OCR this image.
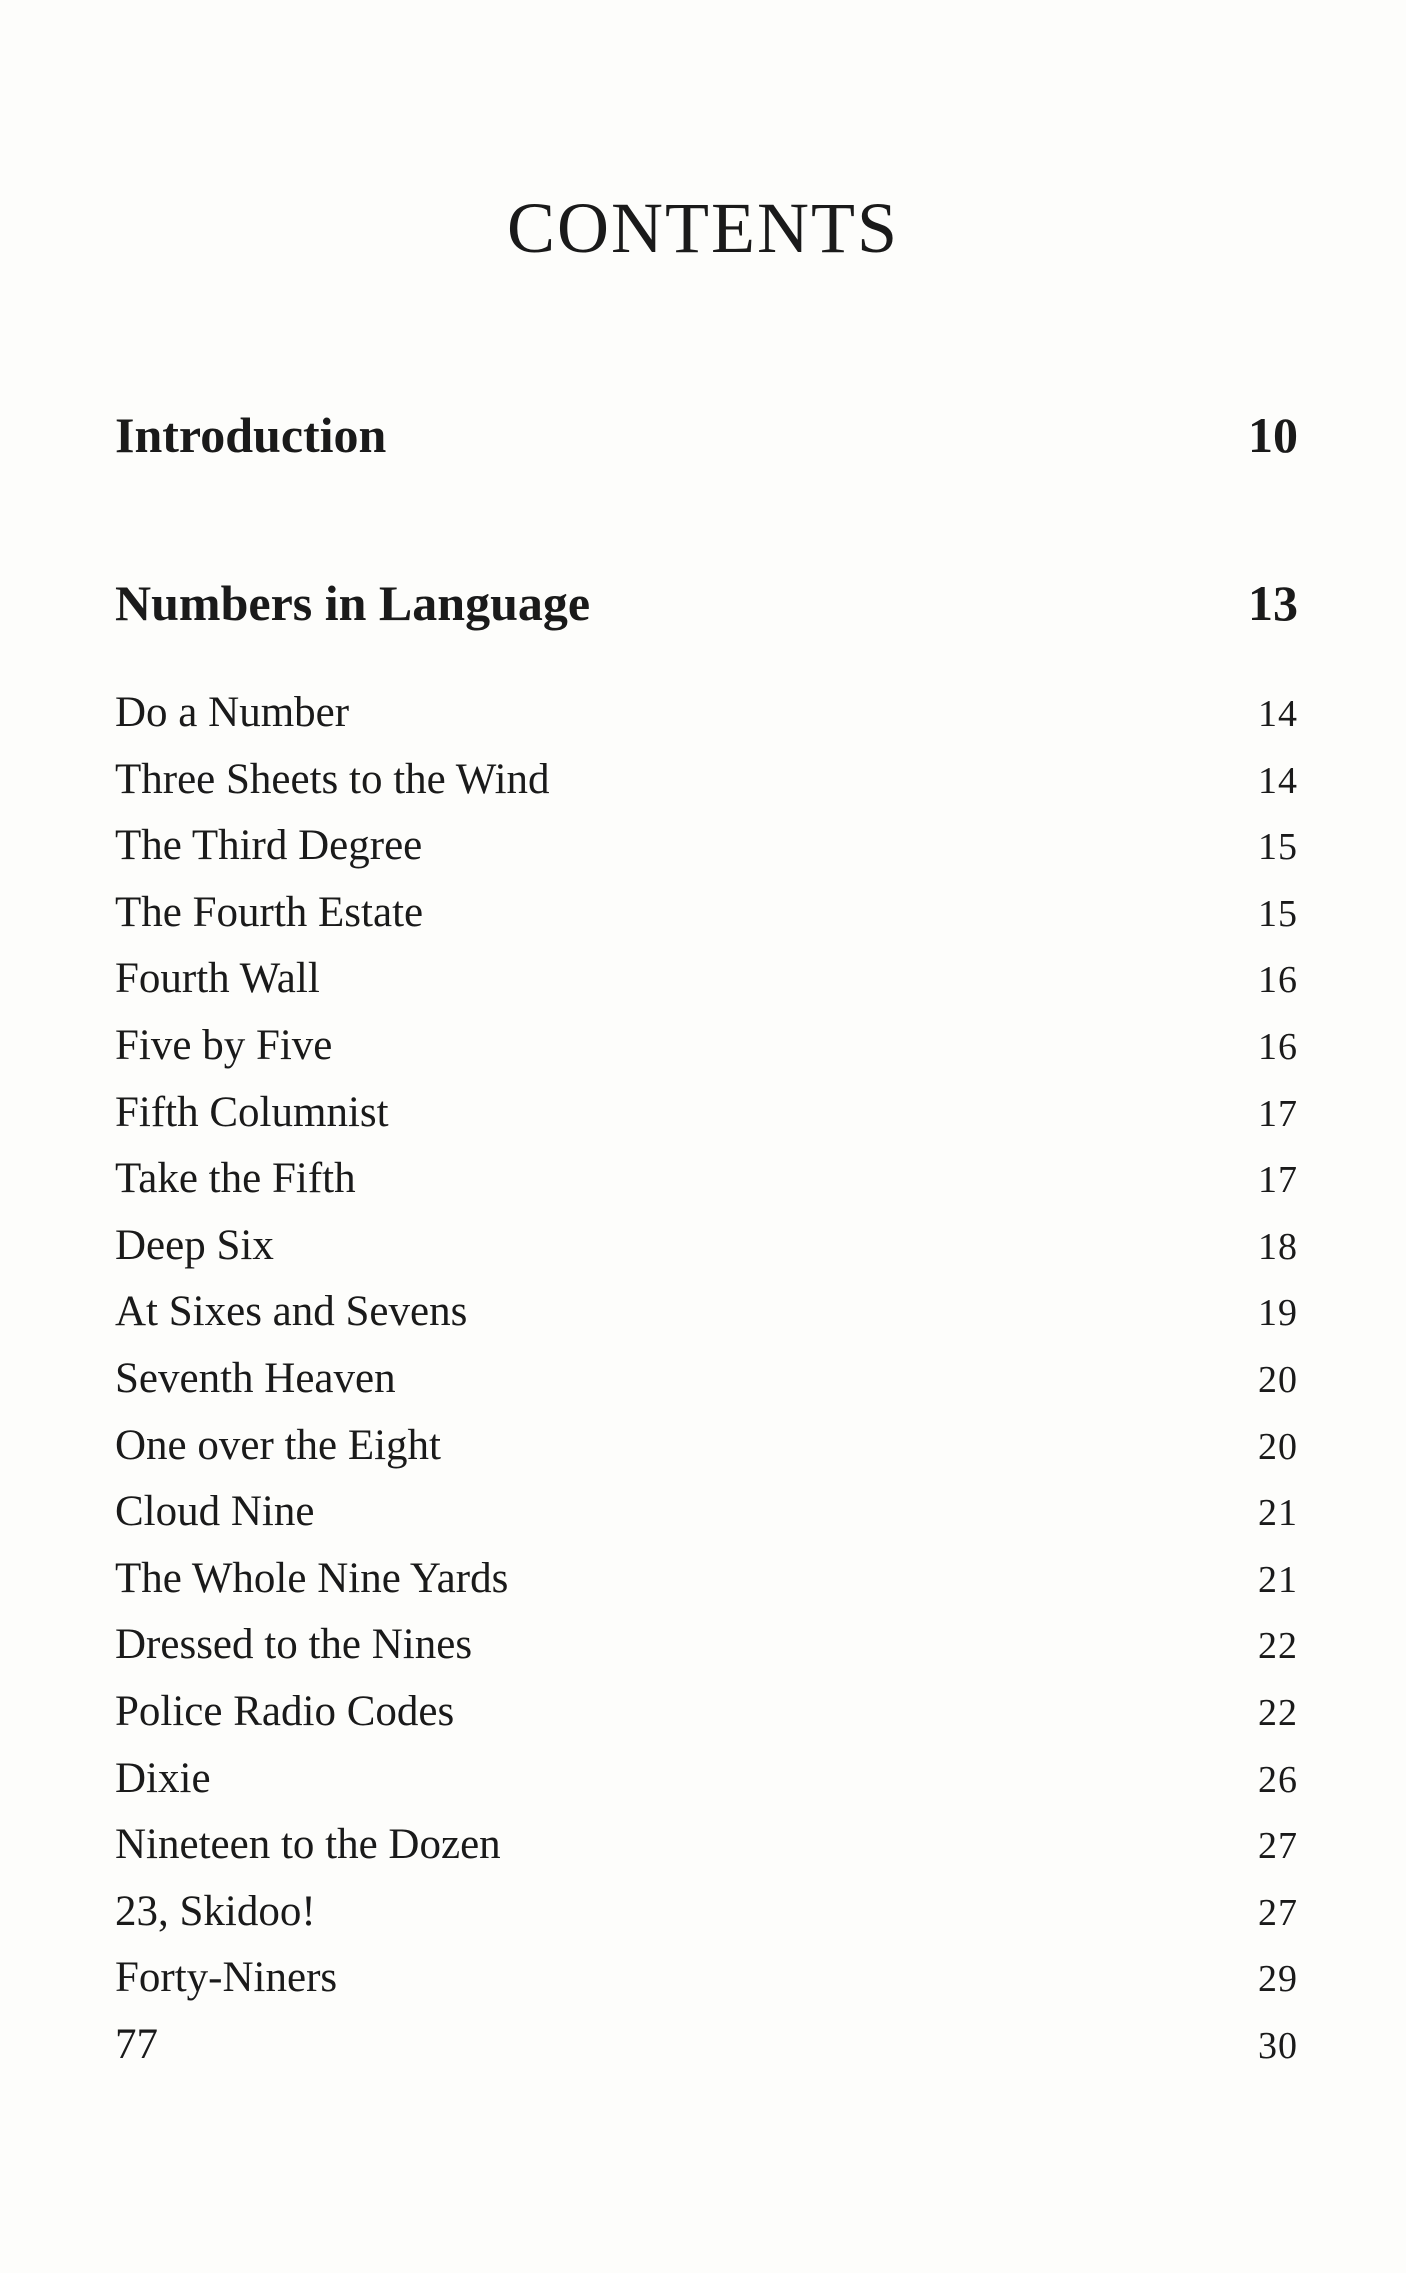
CONTENTS
Introduction	10
Numbers in Language	13
Do a Number	14
Three Sheets to the Wind	14
The Third Degree	15
The Fourth Estate	15
Fourth Wall	16
Five by Five	16
Fifth Columnist	17
Take the Fifth	17
Deep Six	18
At Sixes and Sevens	19
Seventh Heaven	20
One over the Eight	20
Cloud Nine	21
The Whole Nine Yards	21
Dressed to the Nines	22
Police Radio Codes	22
Dixie	26
Nineteen to the Dozen	27
23, Skidoo!	27
Forty-Niners	29
77	30
